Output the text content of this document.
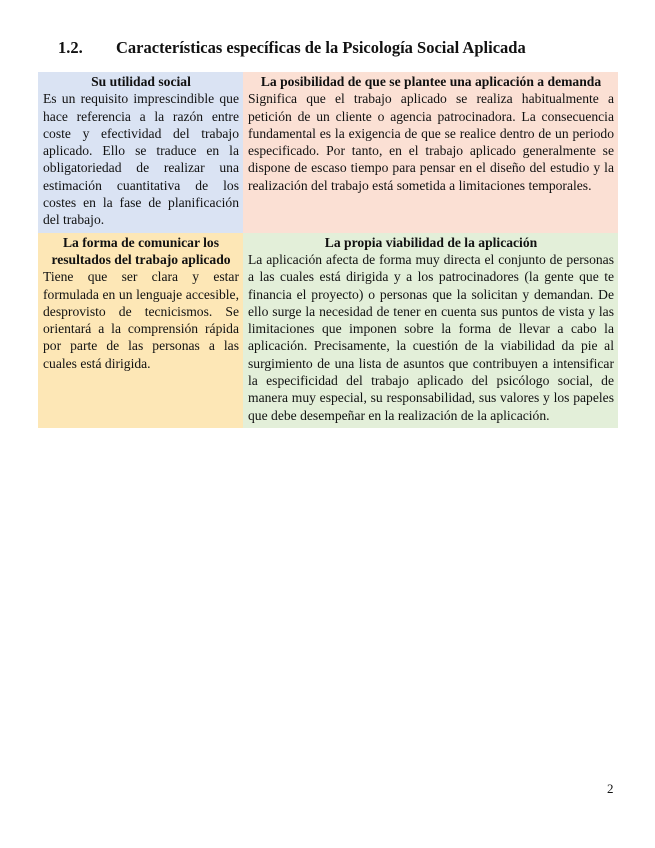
1.2. Características específicas de la Psicología Social Aplicada
Su utilidad social

Es un requisito imprescindible que hace referencia a la razón entre coste y efectividad del trabajo aplicado. Ello se traduce en la obligatoriedad de realizar una estimación cuantitativa de los costes en la fase de planificación del trabajo.

La posibilidad de que se plantee una aplicación a demanda

Significa que el trabajo aplicado se realiza habitualmente a petición de un cliente o agencia patrocinadora. La consecuencia fundamental es la exigencia de que se realice dentro de un periodo especificado. Por tanto, en el trabajo aplicado generalmente se dispone de escaso tiempo para pensar en el diseño del estudio y la realización del trabajo está sometida a limitaciones temporales.

La forma de comunicar los resultados del trabajo aplicado

Tiene que ser clara y estar formulada en un lenguaje accesible, desprovisto de tecnicismos. Se orientará a la comprensión rápida por parte de las personas a las cuales está dirigida.

La propia viabilidad de la aplicación

La aplicación afecta de forma muy directa el conjunto de personas a las cuales está dirigida y a los patrocinadores (la gente que te financia el proyecto) o personas que la solicitan y demandan. De ello surge la necesidad de tener en cuenta sus puntos de vista y las limitaciones que imponen sobre la forma de llevar a cabo la aplicación. Precisamente, la cuestión de la viabilidad da pie al surgimiento de una lista de asuntos que contribuyen a intensificar la especificidad del trabajo aplicado del psicólogo social, de manera muy especial, su responsabilidad, sus valores y los papeles que debe desempeñar en la realización de la aplicación.

2
